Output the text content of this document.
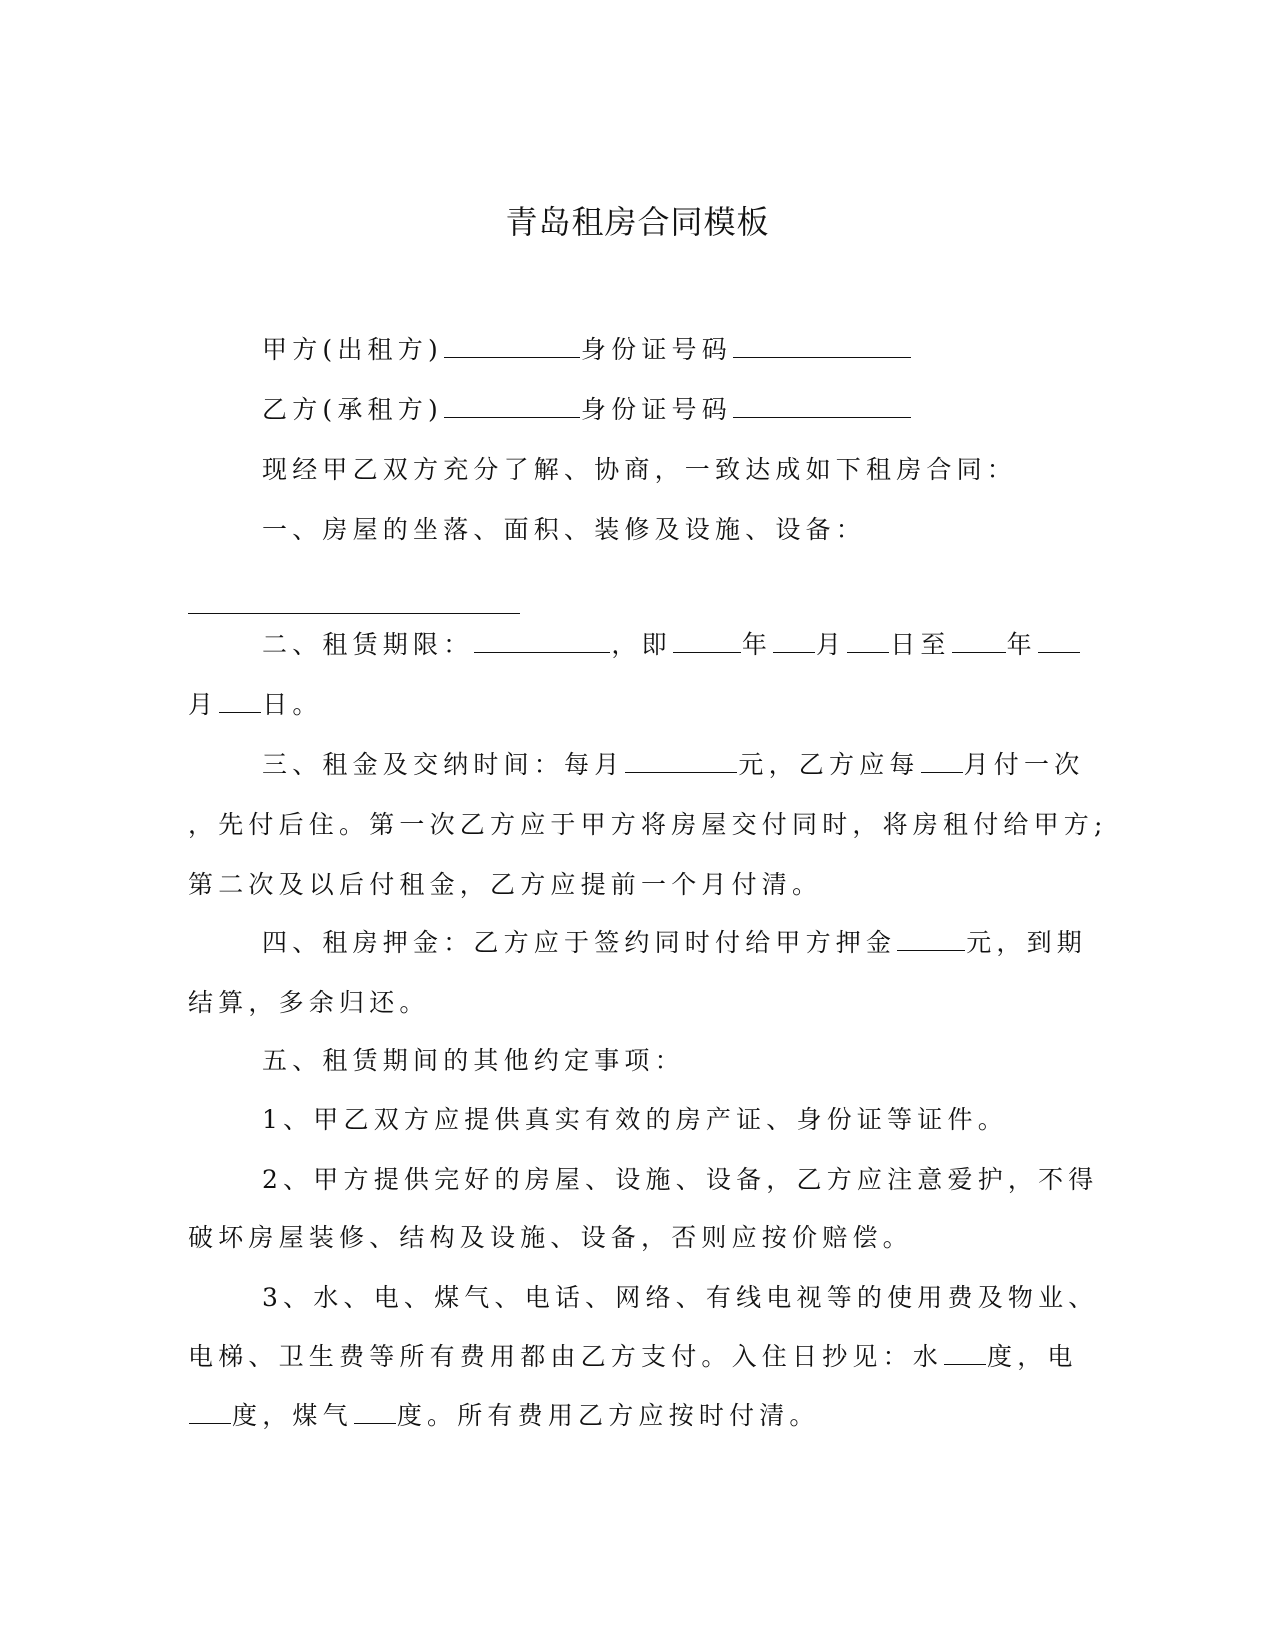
青岛租房合同模板
甲方(出租方)	身份证号码
乙方(承租方)	身份证号码
现经甲乙双方充分了解、协商，一致达成如下租房合同：
一、房屋的坐落、面积、装修及设施、设备：
二、租赁期限：	，即	年 月 日至 年
月 日。
三、租金及交纳时间：每月	元，乙方应每 月付一次
，先付后住。第一次乙方应于甲方将房屋交付同时，将房租付给甲方;
第二次及以后付租金，乙方应提前一个月付清。
四、租房押金：乙方应于签约同时付给甲方押金	元，到期
结算，多余归还。
五、租赁期间的其他约定事项：
1、甲乙双方应提供真实有效的房产证、身份证等证件。
2、甲方提供完好的房屋、设施、设备，乙方应注意爱护，不得
破坏房屋装修、结构及设施、设备，否则应按价赔偿。
3、水、电、煤气、电话、网络、有线电视等的使用费及物业、
电梯、卫生费等所有费用都由乙方支付。入住日抄见：水 度，电
度，煤气 度。所有费用乙方应按时付清。
